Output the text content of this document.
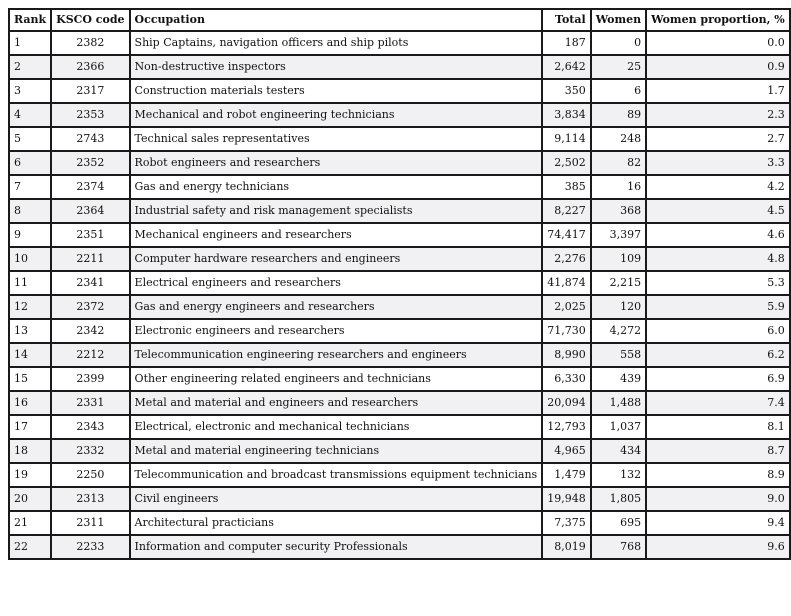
Rank	KSCO code	Occupation	Total	Women	Women proportion, %
1	2382	Ship Captains, navigation officers and ship pilots	187	0	0.0
2	2366	Non-destructive inspectors	2,642	25	0.9
3	2317	Construction materials testers	350	6	1.7
4	2353	Mechanical and robot engineering technicians	3,834	89	2.3
5	2743	Technical sales representatives	9,114	248	2.7
6	2352	Robot engineers and researchers	2,502	82	3.3
7	2374	Gas and energy technicians	385	16	4.2
8	2364	Industrial safety and risk management specialists	8,227	368	4.5
9	2351	Mechanical engineers and researchers	74,417	3,397	4.6
10	2211	Computer hardware researchers and engineers	2,276	109	4.8
11	2341	Electrical engineers and researchers	41,874	2,215	5.3
12	2372	Gas and energy engineers and researchers	2,025	120	5.9
13	2342	Electronic engineers and researchers	71,730	4,272	6.0
14	2212	Telecommunication engineering researchers and engineers	8,990	558	6.2
15	2399	Other engineering related engineers and technicians	6,330	439	6.9
16	2331	Metal and material and engineers and researchers	20,094	1,488	7.4
17	2343	Electrical, electronic and mechanical technicians	12,793	1,037	8.1
18	2332	Metal and material engineering technicians	4,965	434	8.7
19	2250	Telecommunication and broadcast transmissions equipment technicians	1,479	132	8.9
20	2313	Civil engineers	19,948	1,805	9.0
21	2311	Architectural practicians	7,375	695	9.4
22	2233	Information and computer security Professionals	8,019	768	9.6
